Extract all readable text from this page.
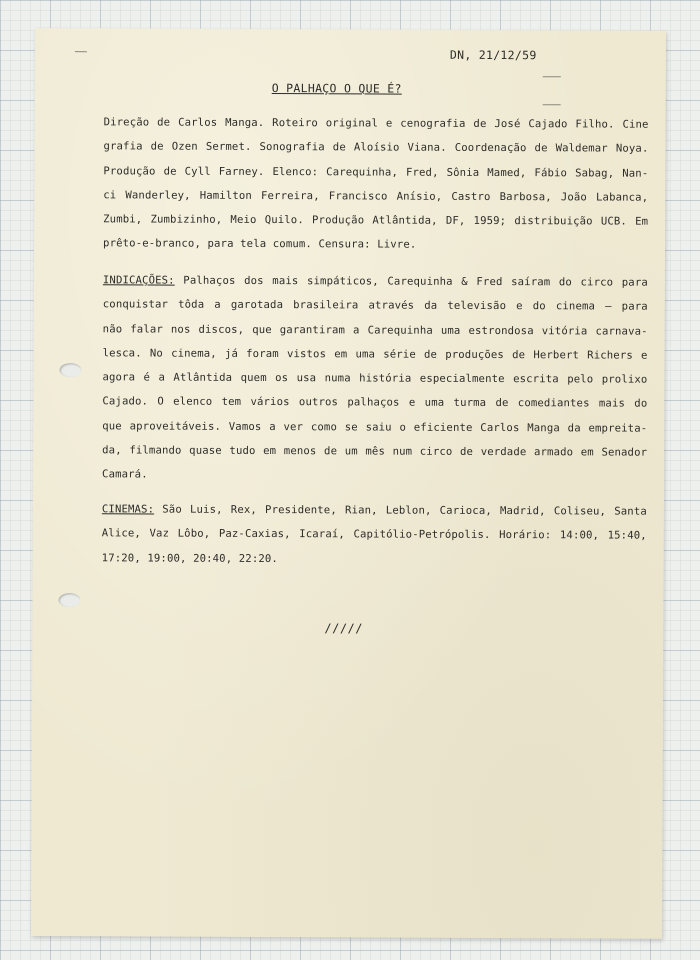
DN, 21/12/59
O PALHAÇO O QUE É?
Direção de Carlos Manga. Roteiro original e cenografia de José Cajado Filho. Cine
grafia de Ozen Sermet. Sonografia de Aloísio Viana. Coordenação de Waldemar Noya.
Produção de Cyll Farney. Elenco: Carequinha, Fred, Sônia Mamed, Fábio Sabag, Nan-
ci Wanderley, Hamilton Ferreira, Francisco Anísio, Castro Barbosa, João Labanca,
Zumbi, Zumbizinho, Meio Quilo. Produção Atlântida, DF, 1959; distribuição UCB. Em
prêto-e-branco, para tela comum. Censura: Livre.
INDICAÇÕES: Palhaços dos mais simpáticos, Carequinha & Fred saíram do circo para
conquistar tôda a garotada brasileira através da televisão e do cinema — para
não falar nos discos, que garantiram a Carequinha uma estrondosa vitória carnava-
lesca. No cinema, já foram vistos em uma série de produções de Herbert Richers e
agora é a Atlântida quem os usa numa história especialmente escrita pelo prolixo
Cajado. O elenco tem vários outros palhaços e uma turma de comediantes mais do
que aproveitáveis. Vamos a ver como se saiu o eficiente Carlos Manga da empreita-
da, filmando quase tudo em menos de um mês num circo de verdade armado em Senador
Camará.
CINEMAS: São Luis, Rex, Presidente, Rian, Leblon, Carioca, Madrid, Coliseu, Santa
Alice, Vaz Lôbo, Paz-Caxias, Icaraí, Capitólio-Petrópolis. Horário: 14:00, 15:40,
17:20, 19:00, 20:40, 22:20.
/////
